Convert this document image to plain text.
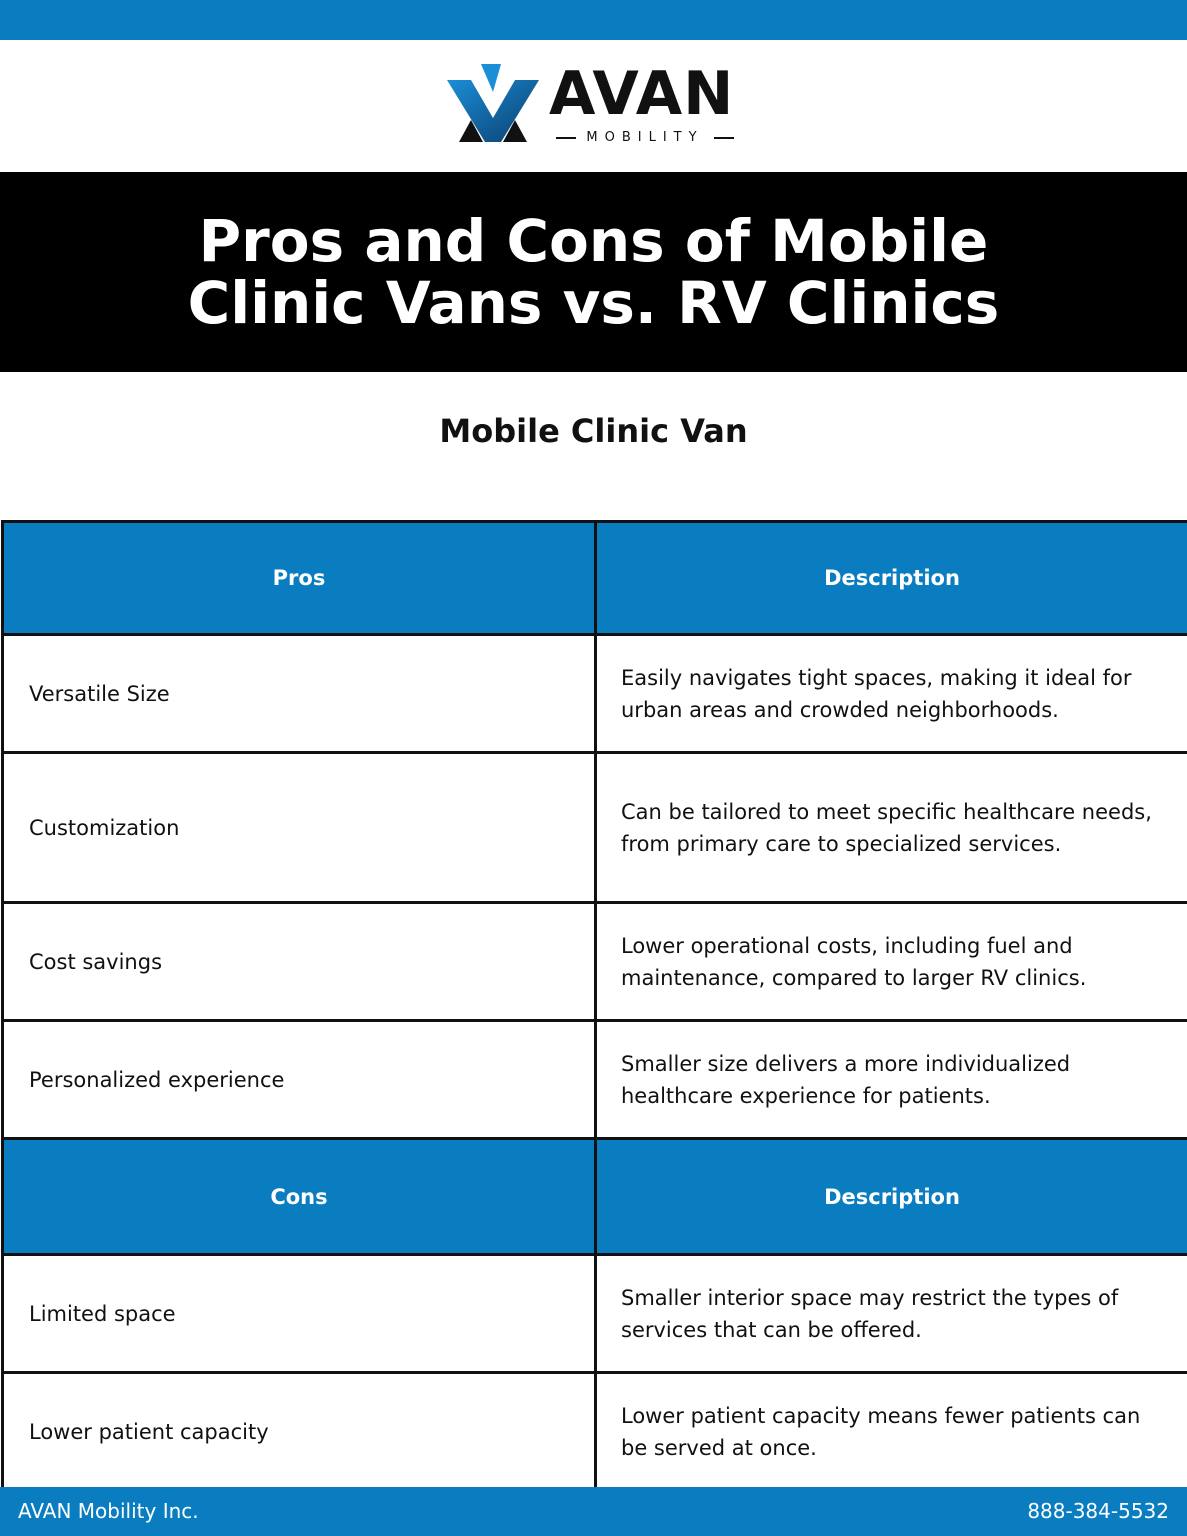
AVAN
MOBILITY
Pros and Cons of Mobile Clinic Vans vs. RV Clinics
Mobile Clinic Van
Pros	Description
Versatile Size	Easily navigates tight spaces, making it ideal for urban areas and crowded neighborhoods.
Customization	Can be tailored to meet specific healthcare needs, from primary care to specialized services.
Cost savings	Lower operational costs, including fuel and maintenance, compared to larger RV clinics.
Personalized experience	Smaller size delivers a more individualized healthcare experience for patients.
Cons	Description
Limited space	Smaller interior space may restrict the types of services that can be offered.
Lower patient capacity	Lower patient capacity means fewer patients can be served at once.
AVAN Mobility Inc.	888-384-5532
